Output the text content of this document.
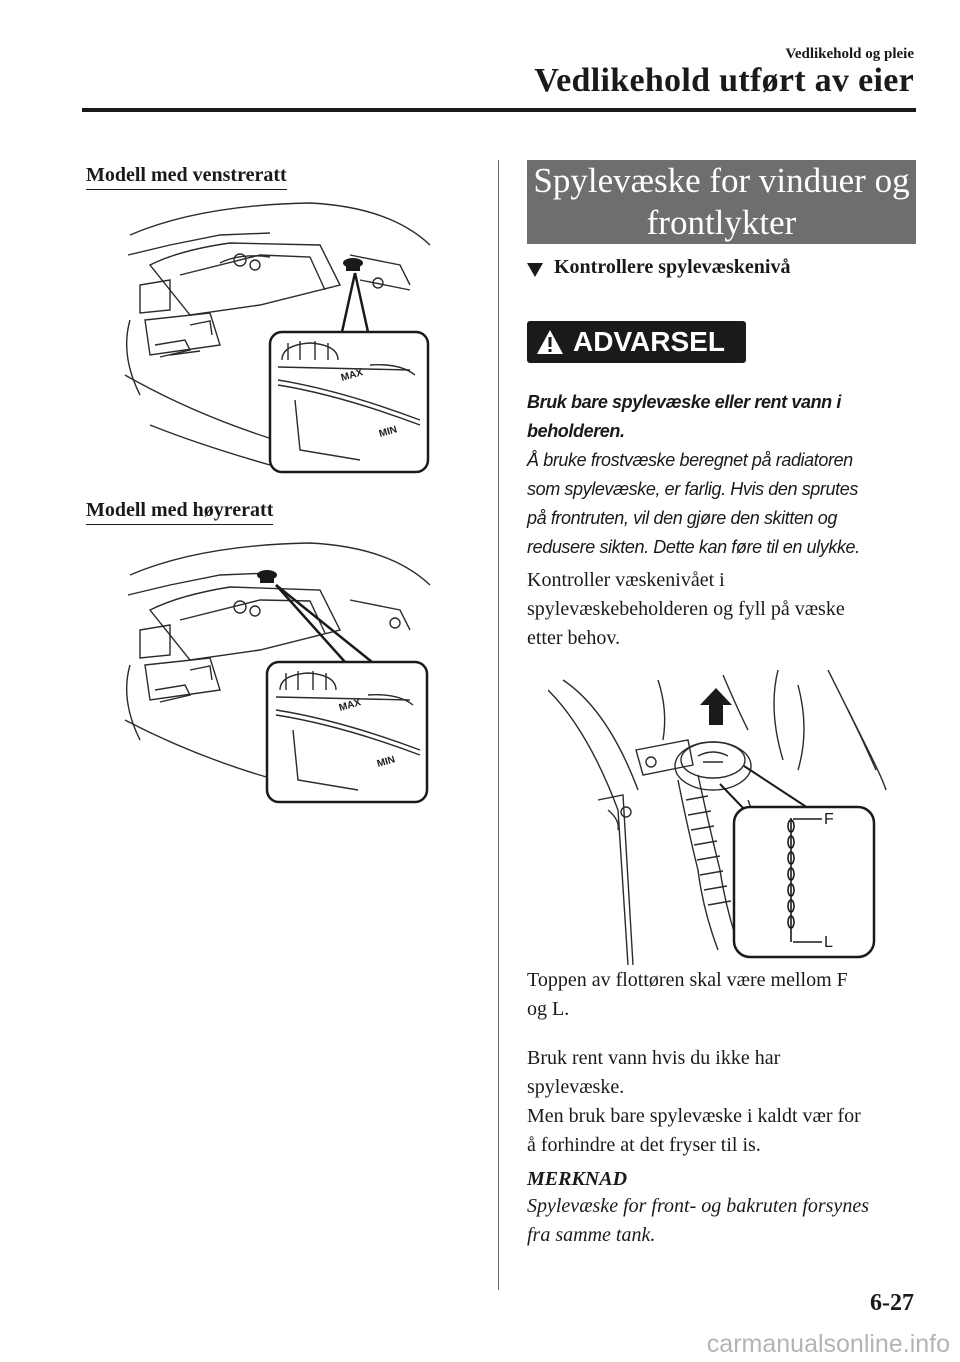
Vedlikehold og pleie
Vedlikehold utført av eier
Modell med venstreratt
MAX
MIN
Modell med høyreratt
MAX
MIN
Spylevæske for vinduer og
frontlykter
Kontrollere spylevæskenivå
ADVARSEL
Bruk bare spylevæske eller rent vann i
beholderen.
Å bruke frostvæske beregnet på radiatoren
som spylevæske, er farlig. Hvis den sprutes
på frontruten, vil den gjøre den skitten og
redusere sikten. Dette kan føre til en ulykke.
Kontroller væskenivået i
spylevæskebeholderen og fyll på væske
etter behov.
F
L
Toppen av flottøren skal være mellom F
og L.
Bruk rent vann hvis du ikke har
spylevæske.
Men bruk bare spylevæske i kaldt vær for
å forhindre at det fryser til is.
MERKNAD
Spylevæske for front- og bakruten forsynes
fra samme tank.
6-27
carmanualsonline.info
